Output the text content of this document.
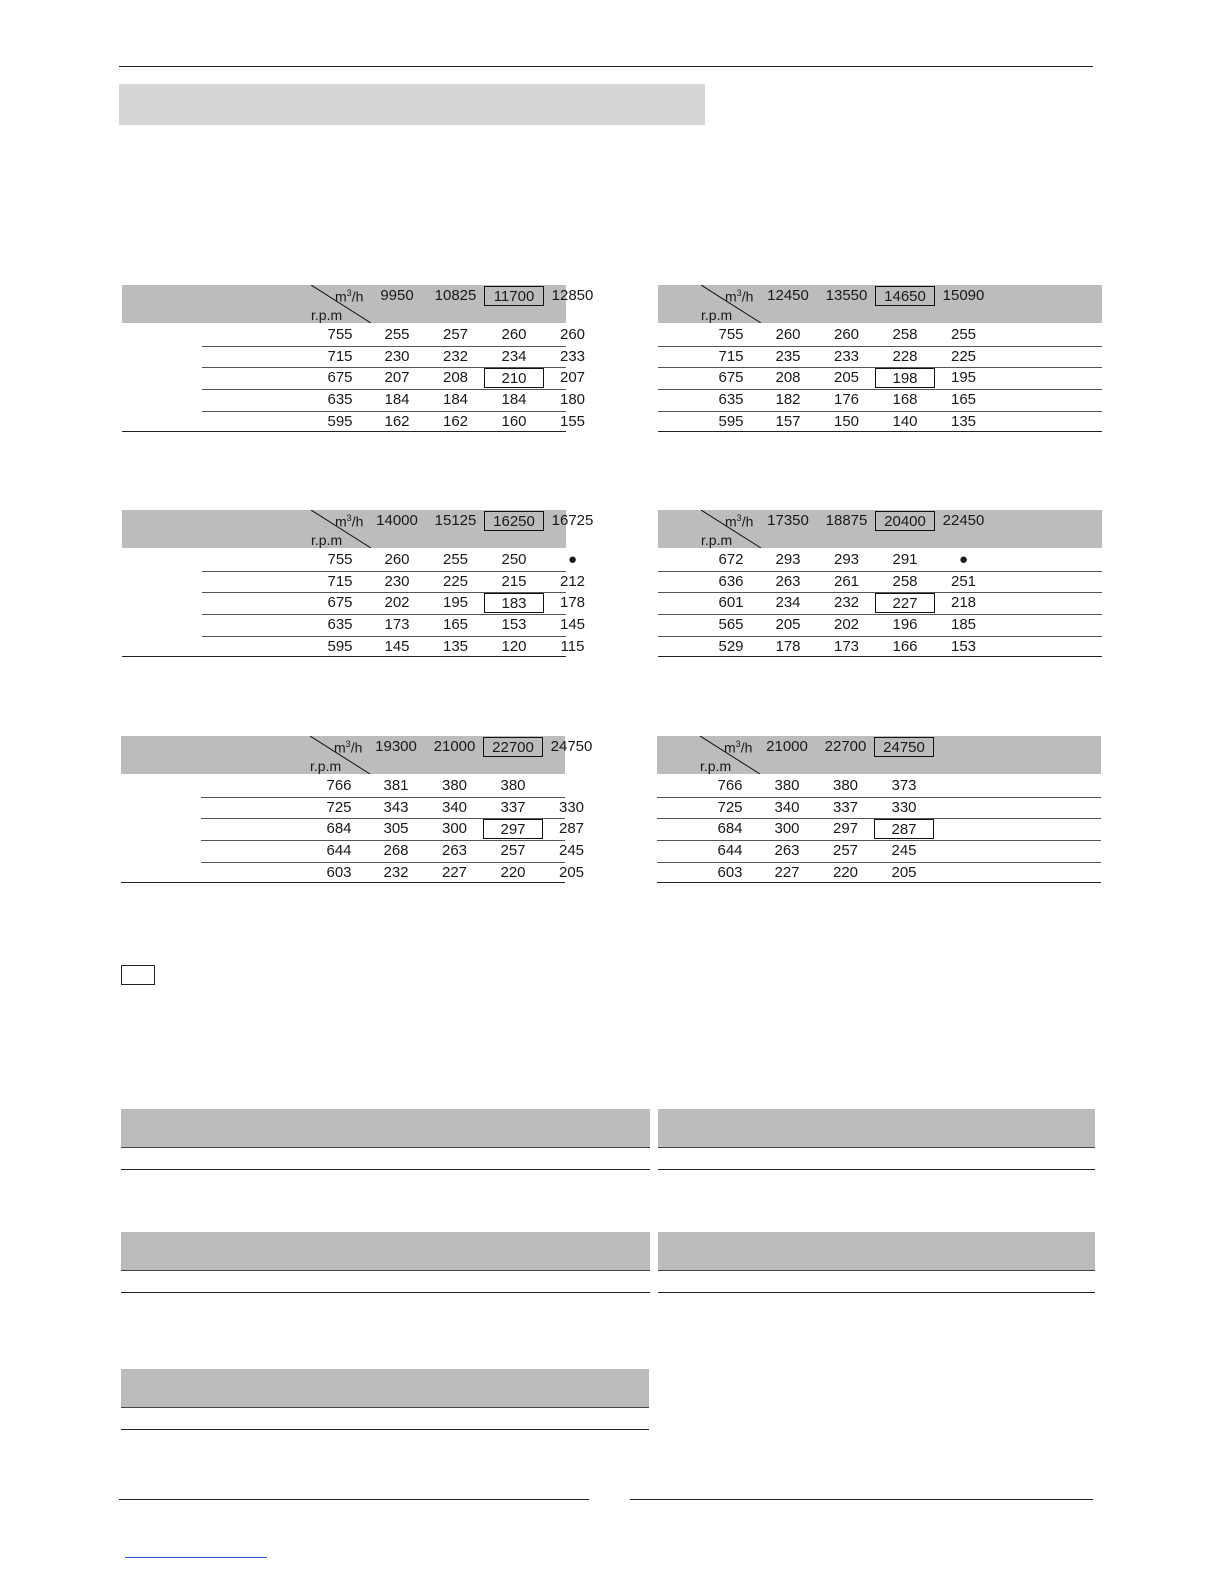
$m^3/h$
r.p.m
9950	10825	11700	12850
755	255	257	260	260
715	230	232	234	233
675	207	208	210	207
635	184	184	184	180
595	162	162	160	155
$m^3/h$
r.p.m
12450	13550	14650	15090
755	260	260	258	255
715	235	233	228	225
675	208	205	198	195
635	182	176	168	165
595	157	150	140	135
$m^3/h$
r.p.m
14000	15125	16250	16725
755	260	255	250	●
715	230	225	215	212
675	202	195	183	178
635	173	165	153	145
595	145	135	120	115
$m^3/h$
r.p.m
17350	18875	20400	22450
672	293	293	291	●
636	263	261	258	251
601	234	232	227	218
565	205	202	196	185
529	178	173	166	153
$m^3/h$
r.p.m
19300	21000	22700	24750
766	381	380	380
725	343	340	337	330
684	305	300	297	287
644	268	263	257	245
603	232	227	220	205
$m^3/h$
r.p.m
21000	22700	24750
766	380	380	373
725	340	337	330
684	300	297	287
644	263	257	245
603	227	220	205
